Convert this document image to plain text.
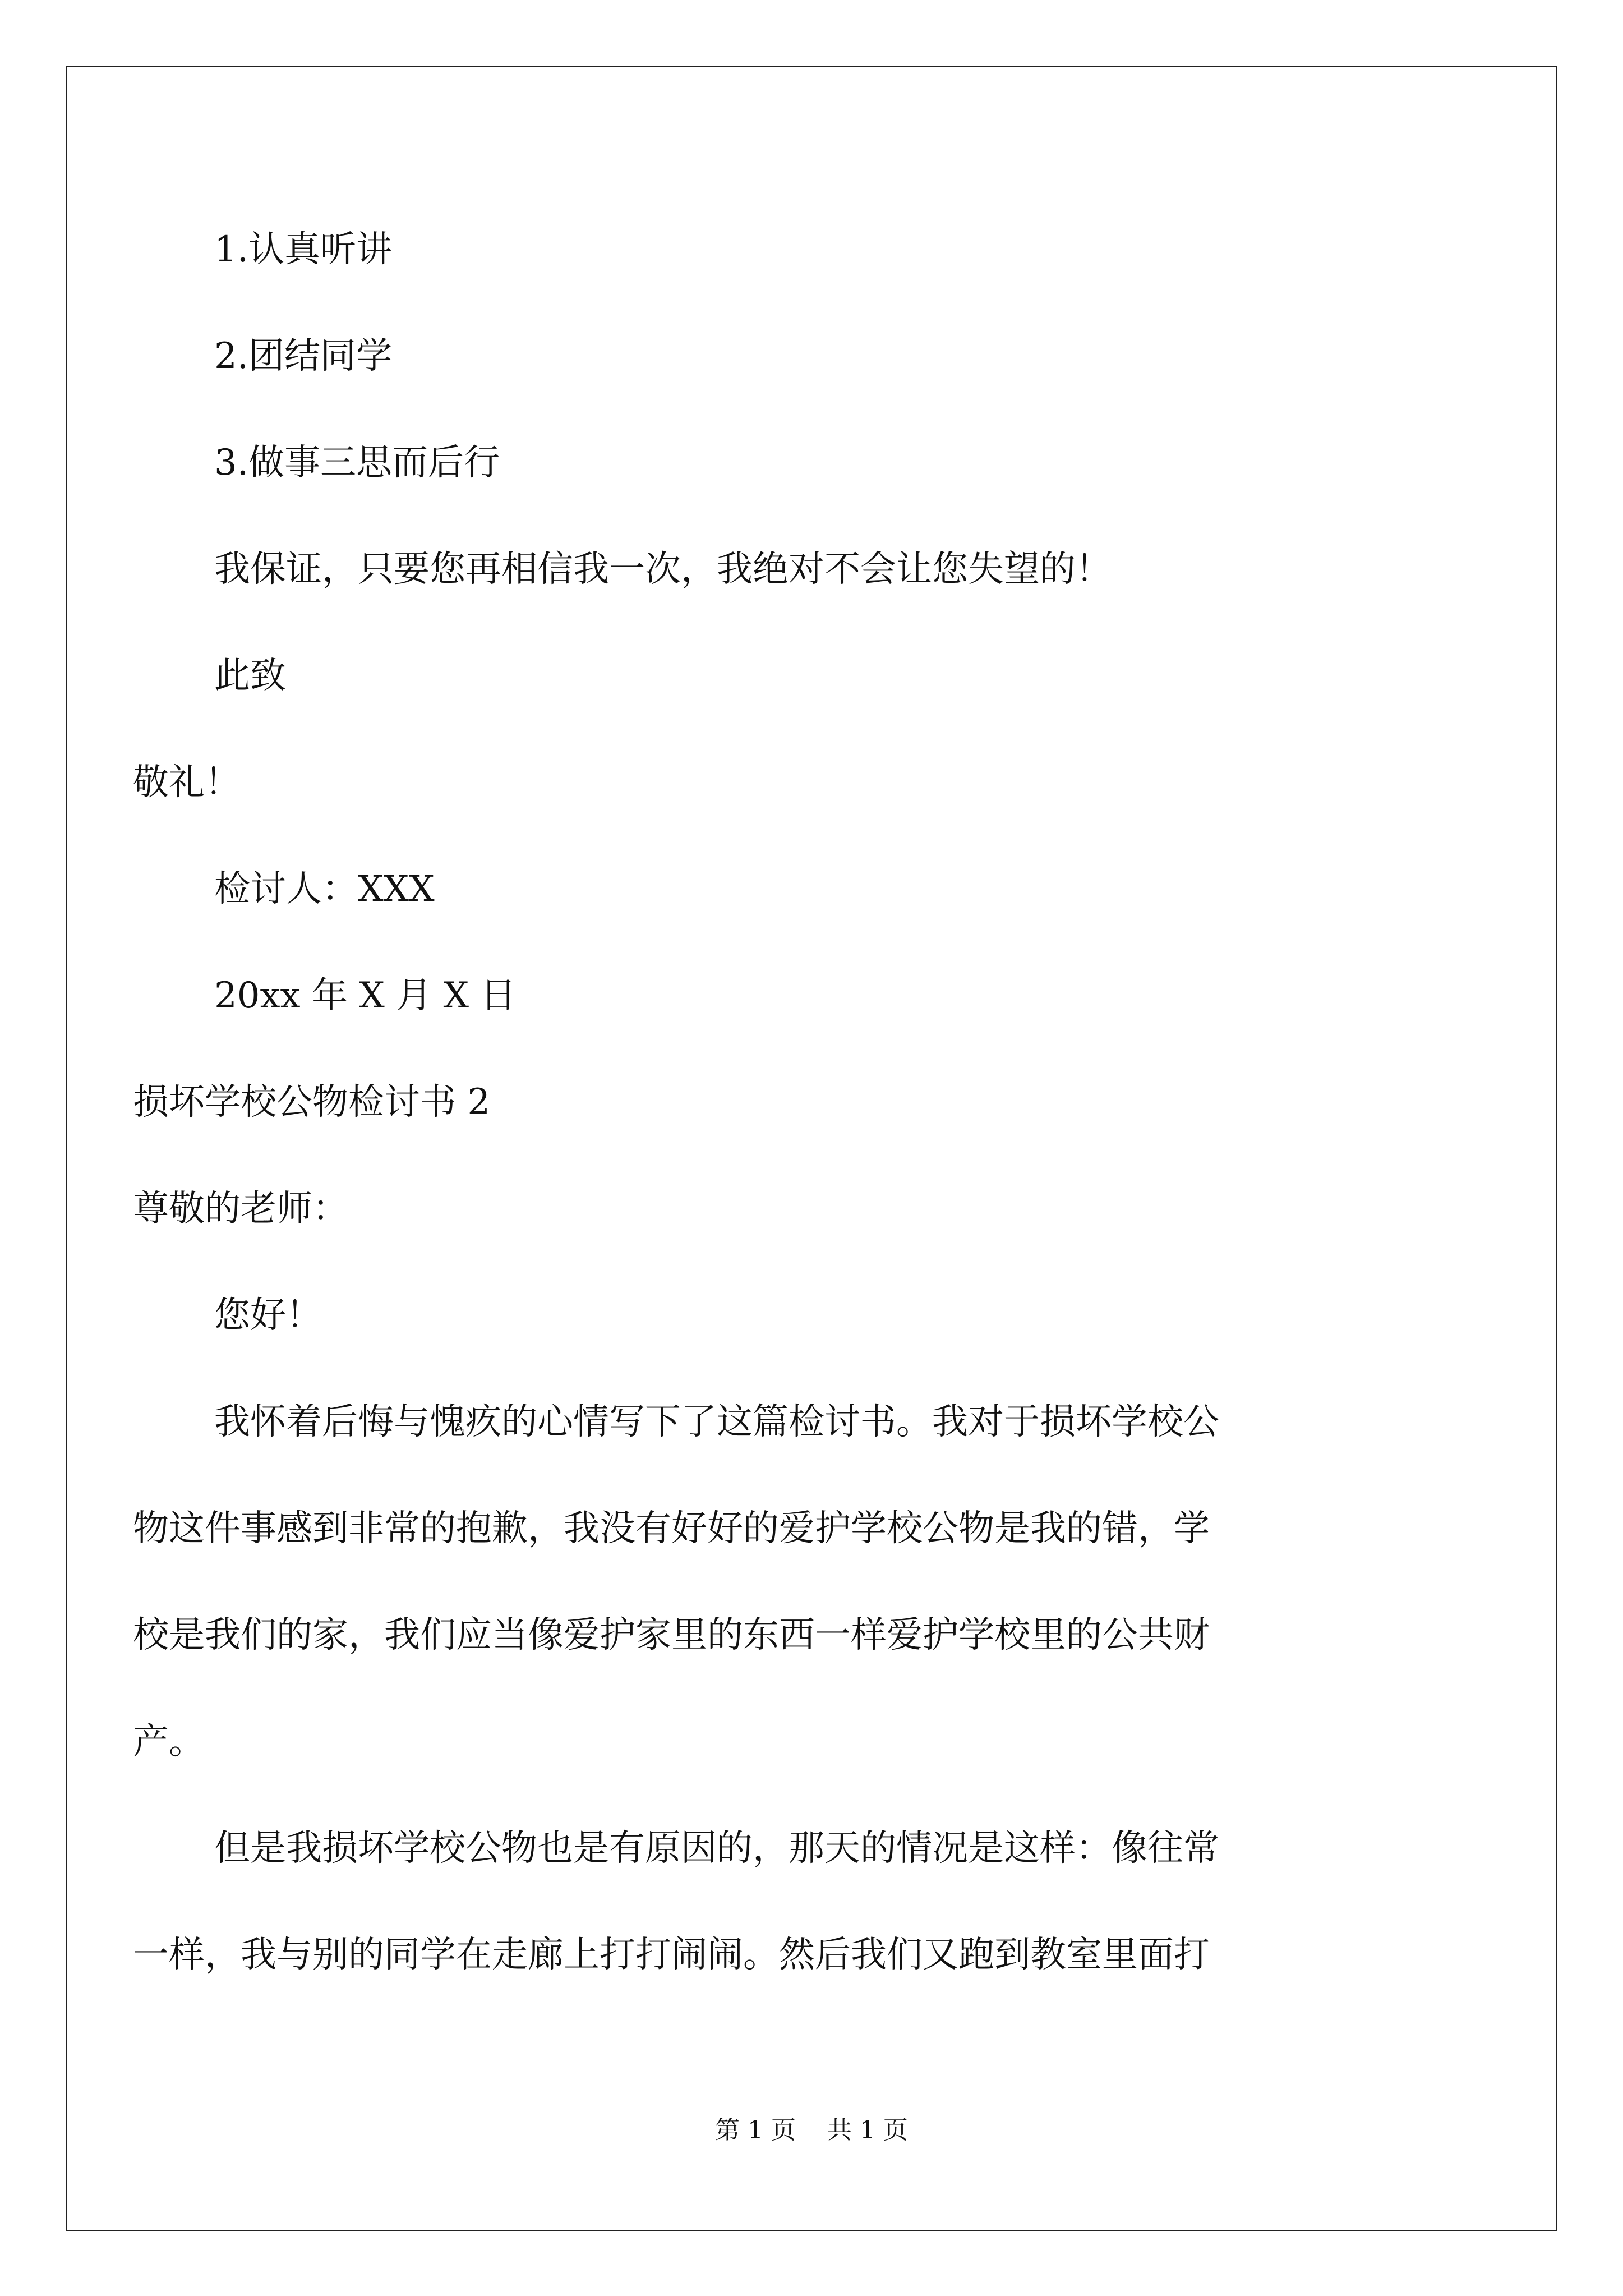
1.认真听讲
2.团结同学
3.做事三思而后行
我保证，只要您再相信我一次，我绝对不会让您失望的！
此致
敬礼！
检讨人：XXX
20xx 年 X 月 X 日
损坏学校公物检讨书 2
尊敬的老师：
您好！
我怀着后悔与愧疚的心情写下了这篇检讨书。我对于损坏学校公
物这件事感到非常的抱歉，我没有好好的爱护学校公物是我的错，学
校是我们的家，我们应当像爱护家里的东西一样爱护学校里的公共财
产。
但是我损坏学校公物也是有原因的，那天的情况是这样：像往常
一样，我与别的同学在走廊上打打闹闹。然后我们又跑到教室里面打
第 1 页    共 1 页
